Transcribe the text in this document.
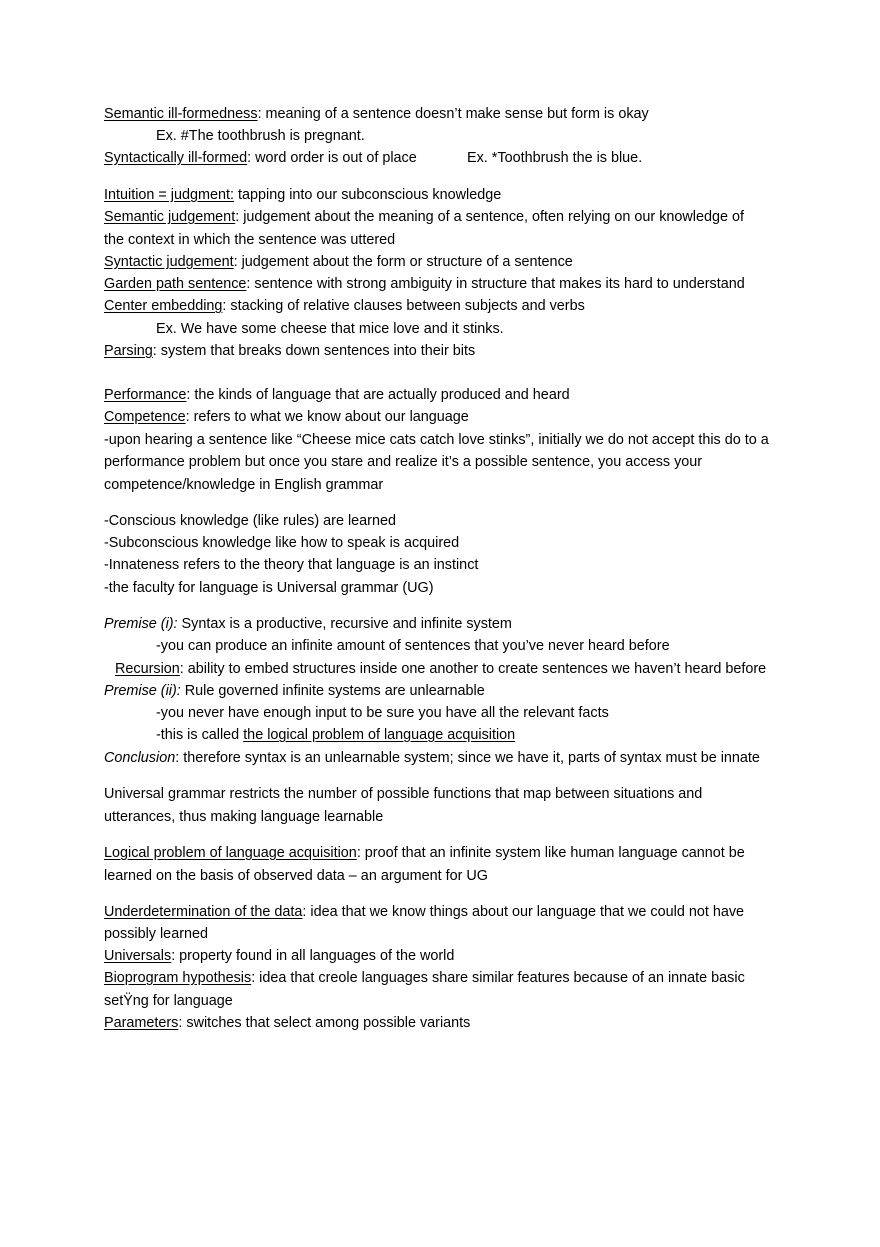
Semantic ill-formedness: meaning of a sentence doesn’t make sense but form is okay
Ex. #The toothbrush is pregnant.
Syntactically ill-formed: word order is out of place	Ex. *Toothbrush the is blue.
Intuition = judgment: tapping into our subconscious knowledge
Semantic judgement: judgement about the meaning of a sentence, often relying on our knowledge of
the context in which the sentence was uttered
Syntactic judgement: judgement about the form or structure of a sentence
Garden path sentence: sentence with strong ambiguity in structure that makes its hard to understand
Center embedding: stacking of relative clauses between subjects and verbs
Ex. We have some cheese that mice love and it stinks.
Parsing: system that breaks down sentences into their bits
Performance: the kinds of language that are actually produced and heard
Competence: refers to what we know about our language
-upon hearing a sentence like “Cheese mice cats catch love stinks”, initially we do not accept this do to a
performance problem but once you stare and realize it’s a possible sentence, you access your
competence/knowledge in English grammar
-Conscious knowledge (like rules) are learned
-Subconscious knowledge like how to speak is acquired
-Innateness refers to the theory that language is an instinct
-the faculty for language is Universal grammar (UG)
Premise (i): Syntax is a productive, recursive and infinite system
-you can produce an infinite amount of sentences that you’ve never heard before
Recursion: ability to embed structures inside one another to create sentences we haven’t heard before
Premise (ii): Rule governed infinite systems are unlearnable
-you never have enough input to be sure you have all the relevant facts
-this is called the logical problem of language acquisition
Conclusion: therefore syntax is an unlearnable system; since we have it, parts of syntax must be innate
Universal grammar restricts the number of possible functions that map between situations and
utterances, thus making language learnable
Logical problem of language acquisition: proof that an infinite system like human language cannot be
learned on the basis of observed data – an argument for UG
Underdetermination of the data: idea that we know things about our language that we could not have
possibly learned
Universals: property found in all languages of the world
Bioprogram hypothesis: idea that creole languages share similar features because of an innate basic
setŸng for language
Parameters: switches that select among possible variants
